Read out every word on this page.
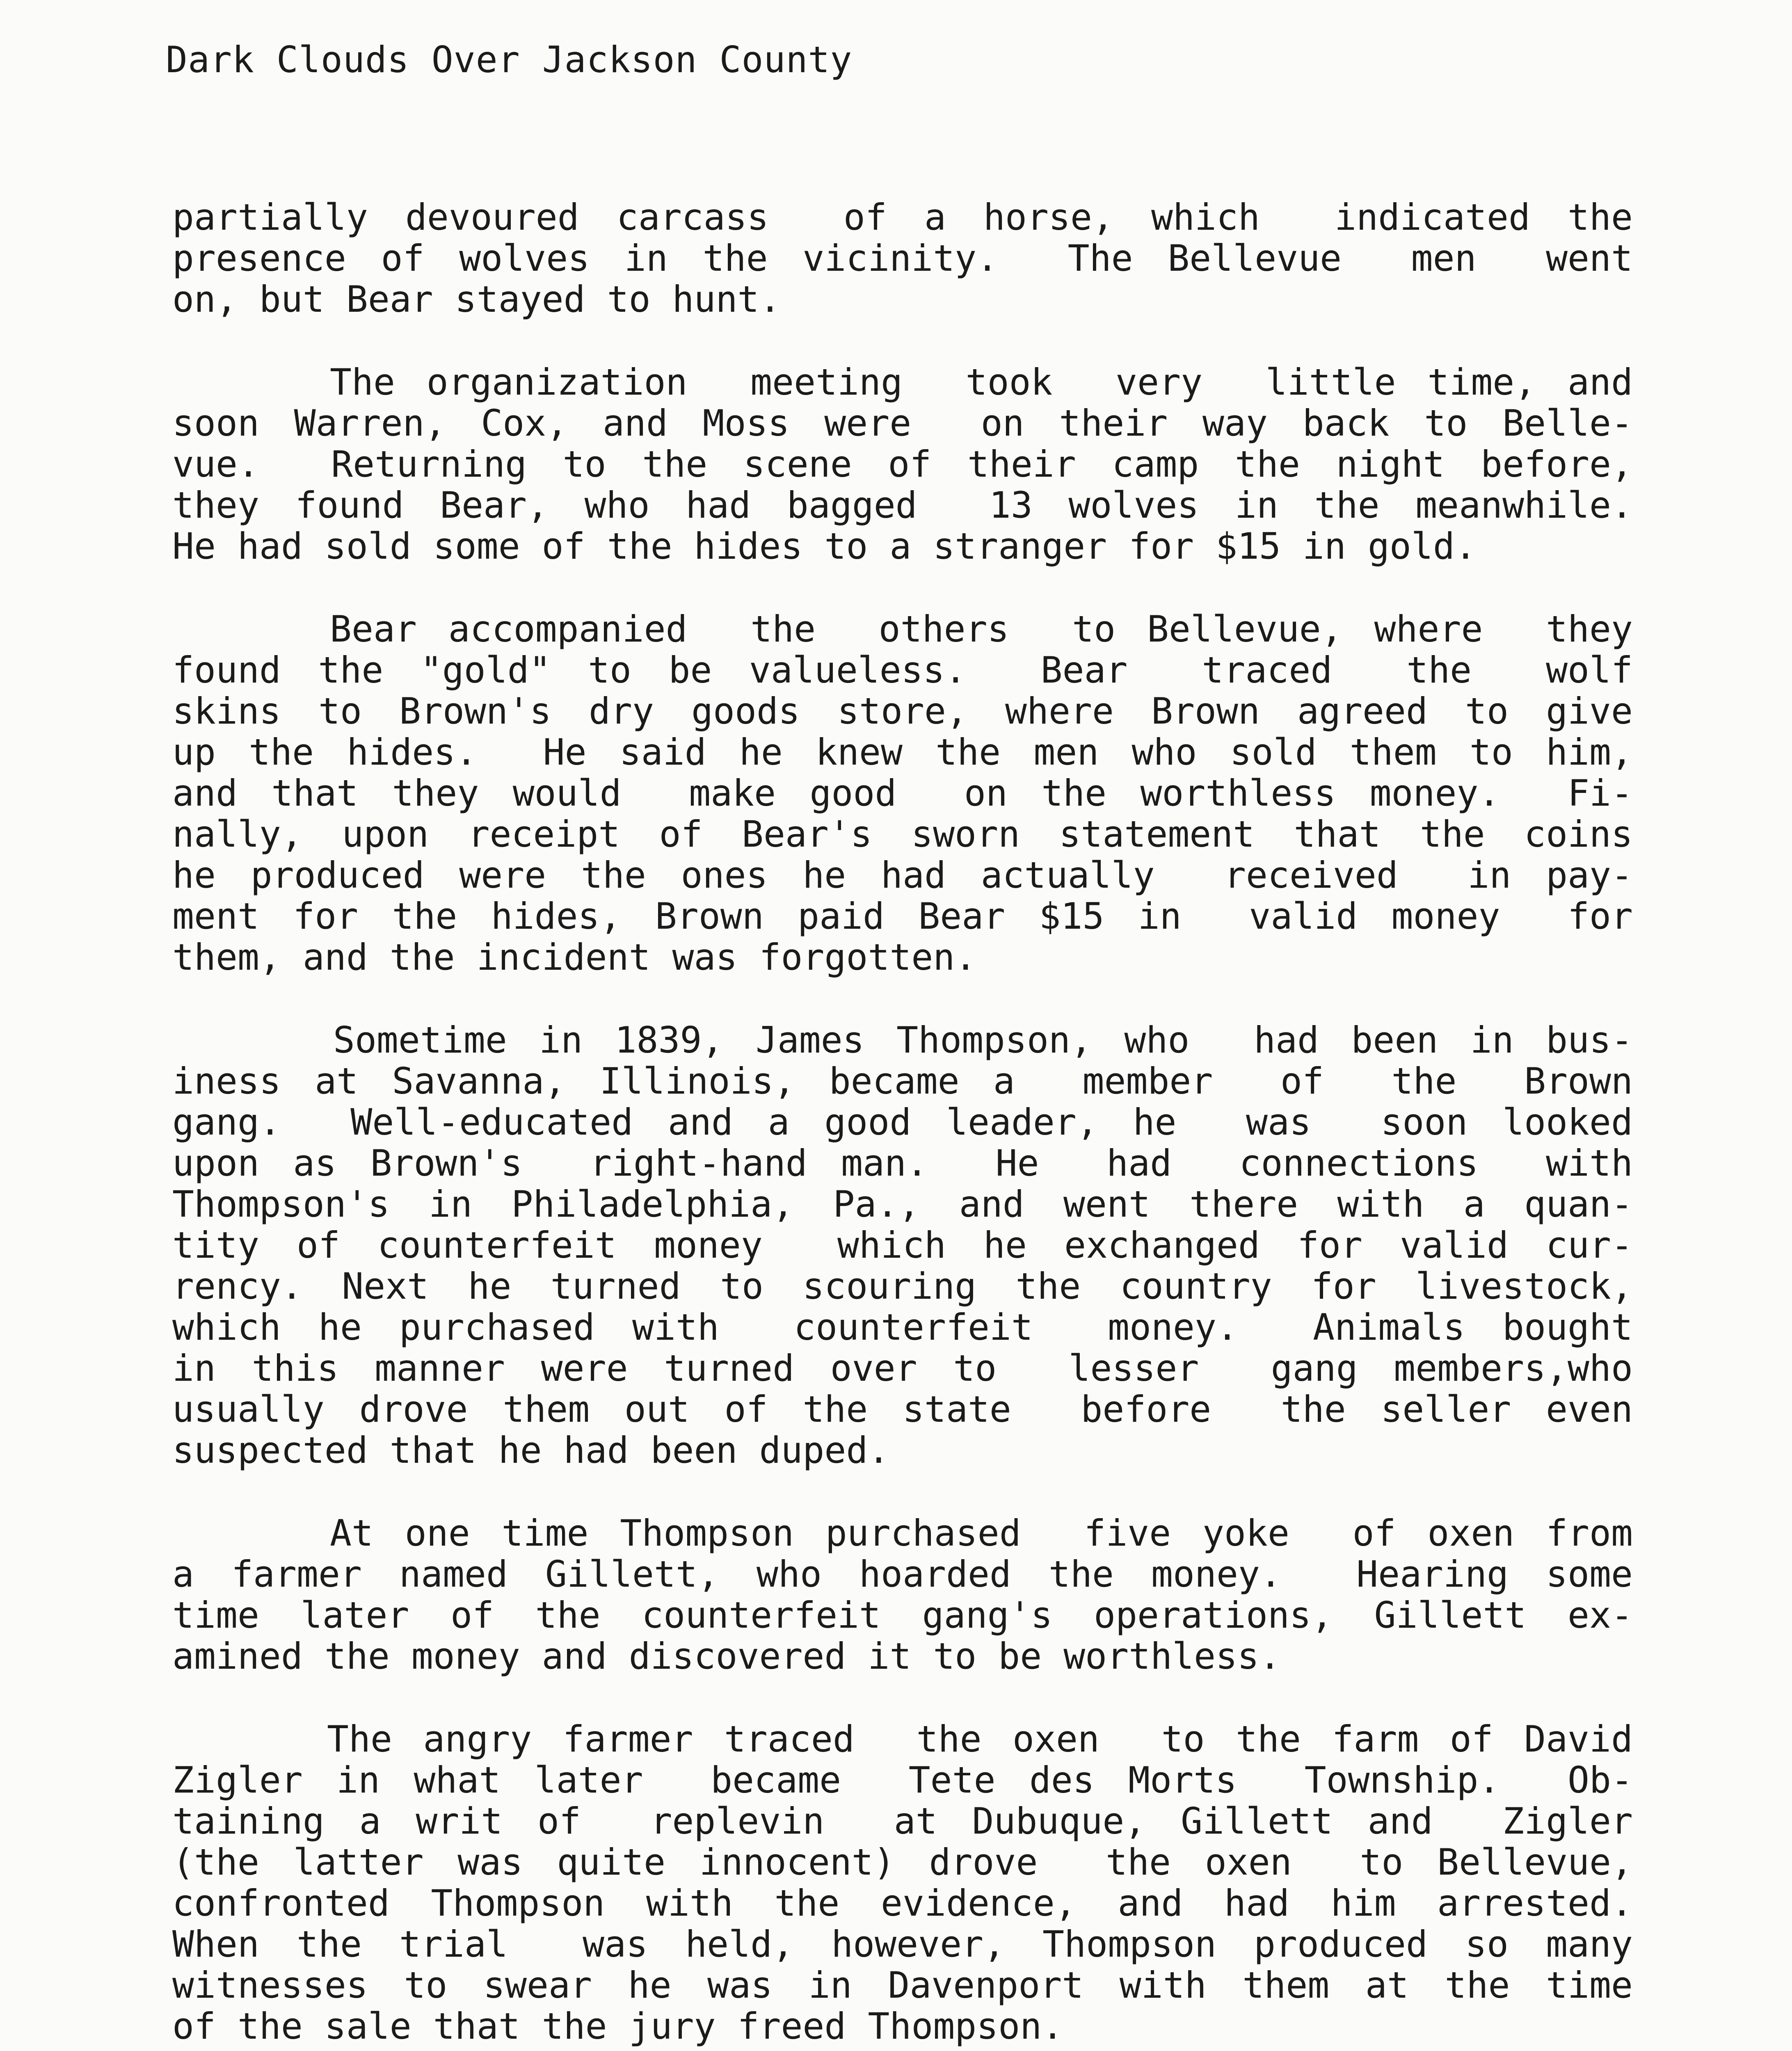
Dark Clouds Over Jackson County
partially devoured carcass  of a horse, which  indicated the
presence of wolves in the vicinity.  The Bellevue  men  went
on, but Bear stayed to hunt.
The organization  meeting  took  very  little time, and
soon Warren, Cox, and Moss were  on their way back to Belle-
vue.  Returning to the scene of their camp the night before,
they found Bear, who had bagged  13 wolves in the meanwhile.
He had sold some of the hides to a stranger for $15 in gold.
Bear accompanied  the  others  to Bellevue, where  they
found the "gold" to be valueless.  Bear  traced  the  wolf
skins to Brown's dry goods store, where Brown agreed to give
up the hides.  He said he knew the men who sold them to him,
and that they would  make good  on the worthless money.  Fi-
nally, upon receipt of Bear's sworn statement that the coins
he produced were the ones he had actually  received  in pay-
ment for the hides, Brown paid Bear $15 in  valid money  for
them, and the incident was forgotten.
Sometime in 1839, James Thompson, who  had been in bus-
iness at Savanna, Illinois, became a  member  of  the  Brown
gang.  Well-educated and a good leader, he  was  soon looked
upon as Brown's  right-hand man.  He  had  connections  with
Thompson's in Philadelphia, Pa., and went there with a quan-
tity of counterfeit money  which he exchanged for valid cur-
rency. Next he turned to scouring the country for livestock,
which he purchased with  counterfeit  money.  Animals bought
in this manner were turned over to  lesser  gang members,who
usually drove them out of the state  before  the seller even
suspected that he had been duped.
At one time Thompson purchased  five yoke  of oxen from
a farmer named Gillett, who hoarded the money.  Hearing some
time later of the counterfeit gang's operations, Gillett ex-
amined the money and discovered it to be worthless.
The angry farmer traced  the oxen  to the farm of David
Zigler in what later  became  Tete des Morts  Township.  Ob-
taining a writ of  replevin  at Dubuque, Gillett and  Zigler
(the latter was quite innocent) drove  the oxen  to Bellevue,
confronted Thompson with the evidence, and had him arrested.
When the trial  was held, however, Thompson produced so many
witnesses to swear he was in Davenport with them at the time
of the sale that the jury freed Thompson.
